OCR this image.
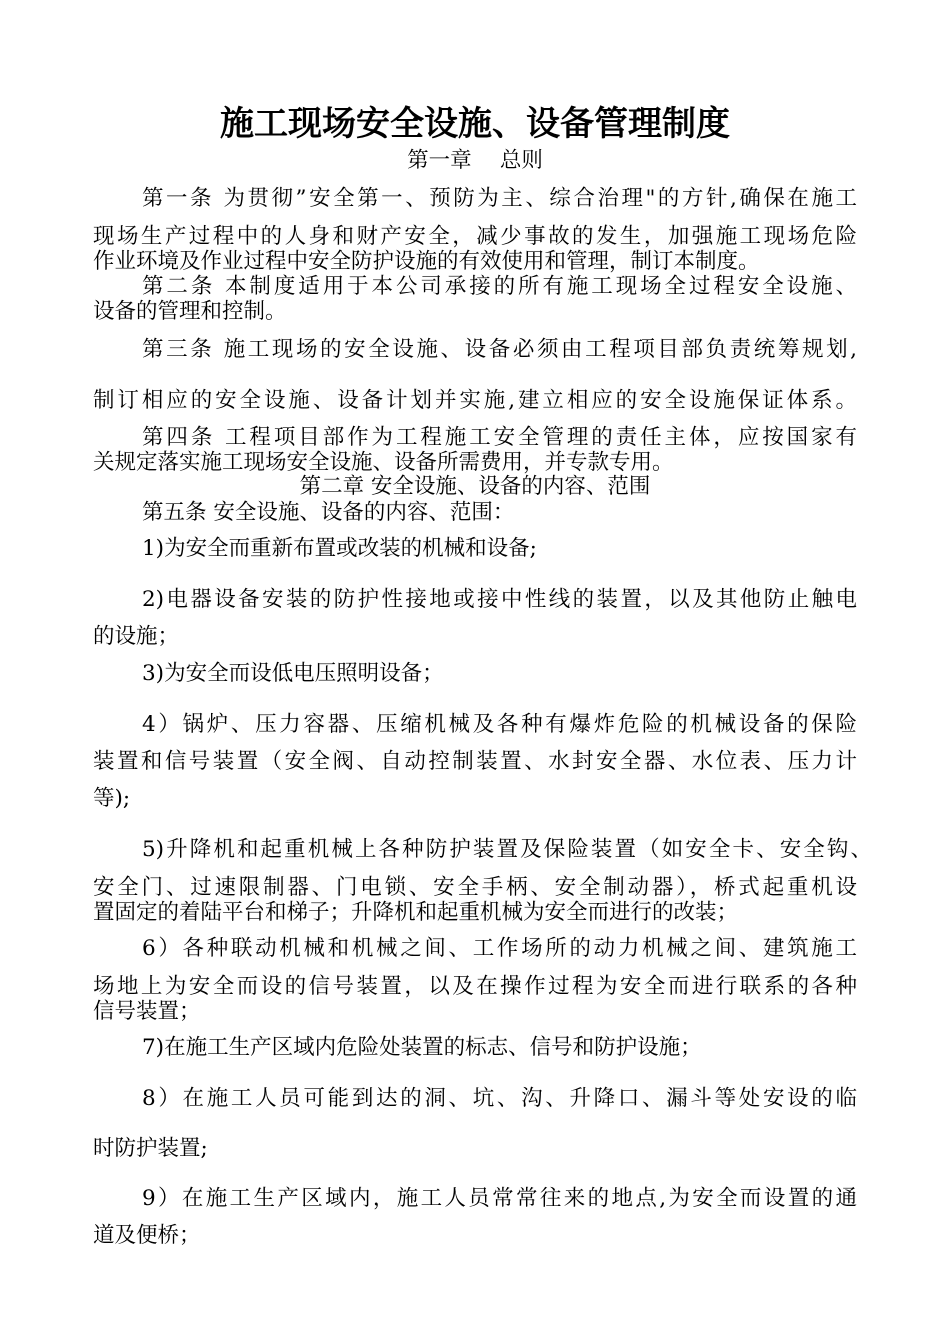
施工现场安全设施、设备管理制度
第一章　 总则
第一条 为贯彻”安全第一、预防为主、综合治理"的方针,确保在施工
现场生产过程中的人身和财产安全，减少事故的发生，加强施工现场危险
作业环境及作业过程中安全防护设施的有效使用和管理，制订本制度。
第二条 本制度适用于本公司承接的所有施工现场全过程安全设施、
设备的管理和控制。
第三条 施工现场的安全设施、设备必须由工程项目部负责统筹规划,
制订相应的安全设施、设备计划并实施,建立相应的安全设施保证体系。
第四条 工程项目部作为工程施工安全管理的责任主体，应按国家有
关规定落实施工现场安全设施、设备所需费用，并专款专用。
第二章 安全设施、设备的内容、范围
第五条 安全设施、设备的内容、范围：
1)为安全而重新布置或改装的机械和设备;
2)电器设备安装的防护性接地或接中性线的装置，以及其他防止触电
的设施；
3)为安全而设低电压照明设备；
4）锅炉、压力容器、压缩机械及各种有爆炸危险的机械设备的保险
装置和信号装置（安全阀、自动控制装置、水封安全器、水位表、压力计
等);
5)升降机和起重机械上各种防护装置及保险装置（如安全卡、安全钩、
安全门、过速限制器、门电锁、安全手柄、安全制动器），桥式起重机设
置固定的着陆平台和梯子；升降机和起重机械为安全而进行的改装；
6）各种联动机械和机械之间、工作场所的动力机械之间、建筑施工
场地上为安全而设的信号装置，以及在操作过程为安全而进行联系的各种
信号装置；
7)在施工生产区域内危险处装置的标志、信号和防护设施；
8）在施工人员可能到达的洞、坑、沟、升降口、漏斗等处安设的临
时防护装置;
9）在施工生产区域内，施工人员常常往来的地点,为安全而设置的通
道及便桥；
